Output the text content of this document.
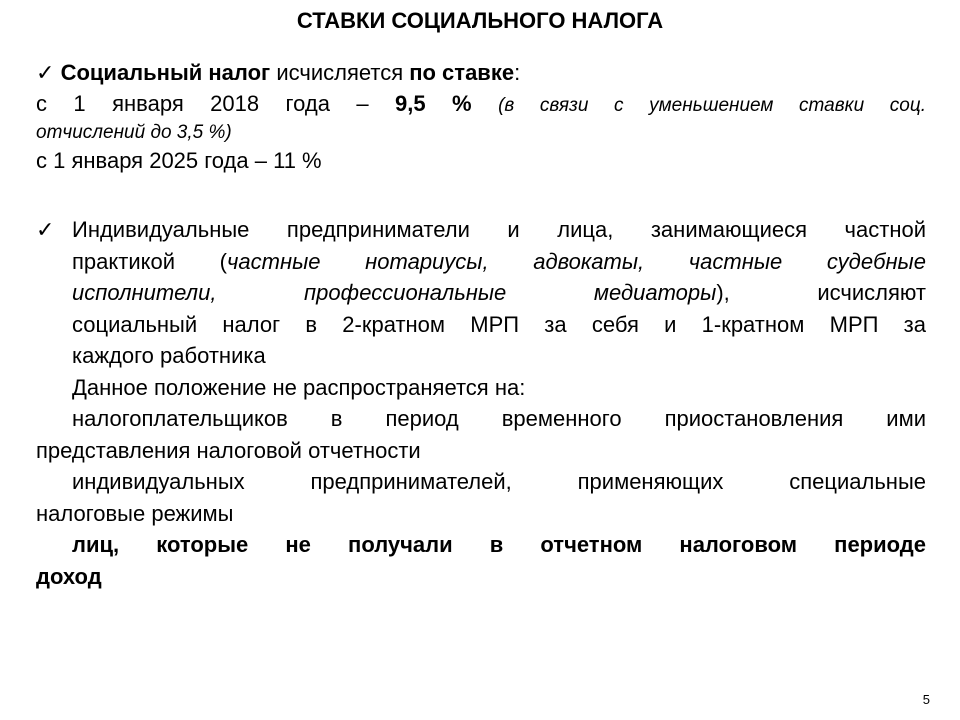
СТАВКИ СОЦИАЛЬНОГО НАЛОГА
✓ Социальный налог исчисляется по ставке:
с 1 января 2018 года – 9,5 % (в связи с уменьшением ставки соц.
отчислений до 3,5 %)
с 1 января 2025 года – 11 %
✓ Индивидуальные предприниматели и лица, занимающиеся частной
практикой (частные нотариусы, адвокаты, частные судебные
исполнители, профессиональные медиаторы), исчисляют
социальный налог в 2-кратном МРП за себя и 1-кратном МРП за
каждого работника
Данное положение не распространяется на:
налогоплательщиков в период временного приостановления ими
представления налоговой отчетности
индивидуальных предпринимателей, применяющих специальные
налоговые режимы
лиц, которые не получали в отчетном налоговом периоде
доход
5
